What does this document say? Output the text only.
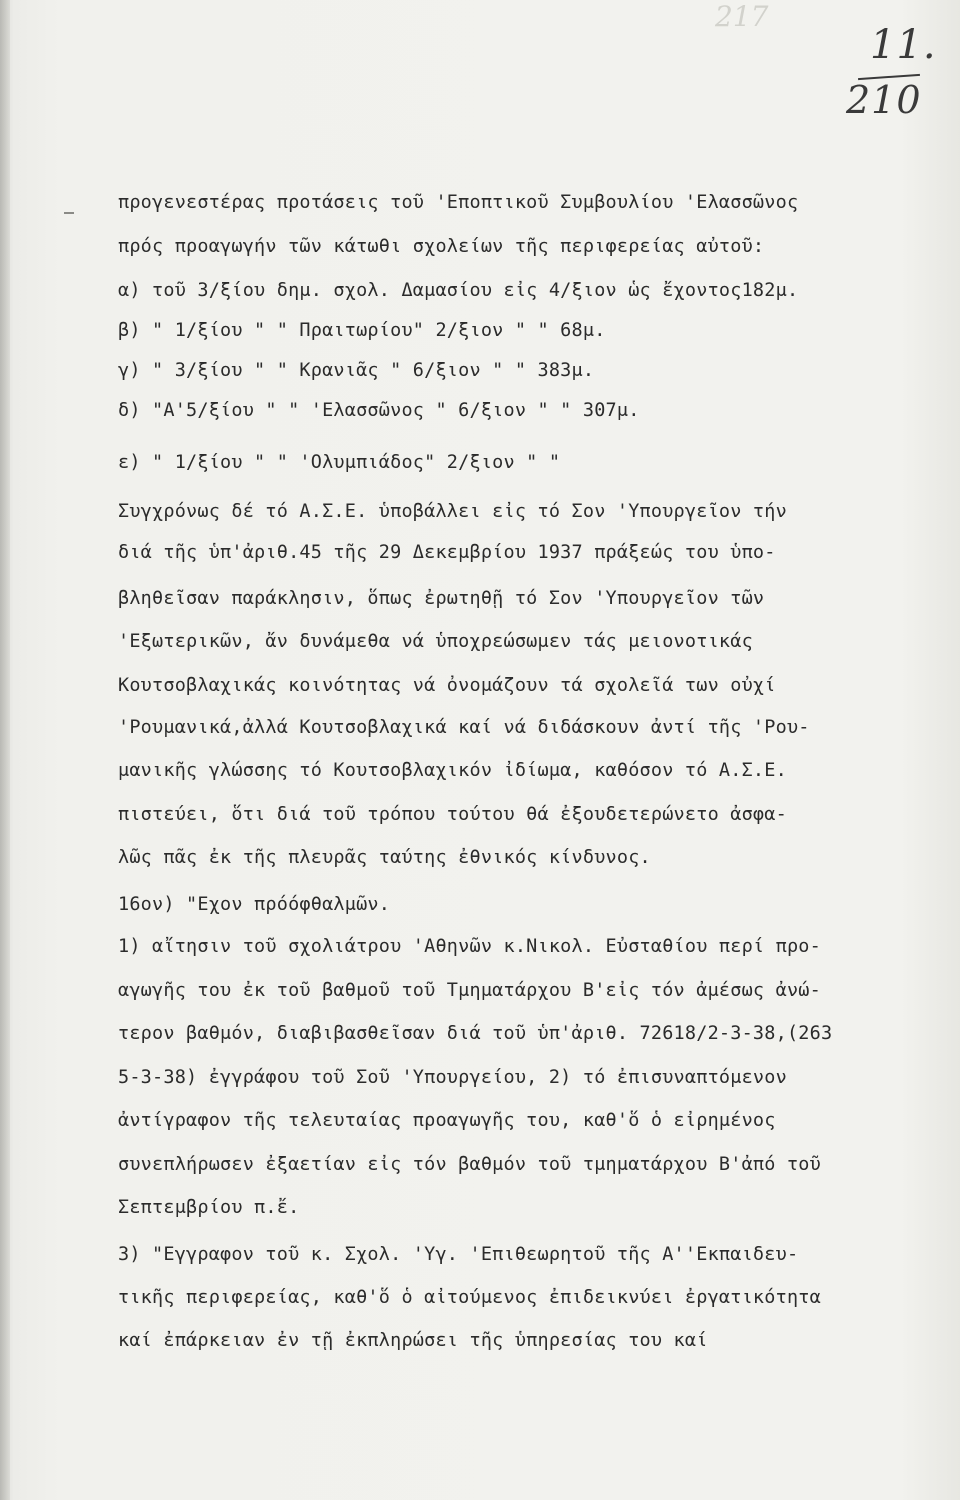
217
11.
210
προγενεστέρας προτάσεις τοῦ 'Εποπτικοῦ Συμβουλίου 'Ελασσῶνος
πρός προαγωγήν τῶν κάτωθι σχολείων τῆς περιφερείας αὐτοῦ:
α) τοῦ 3/ξίου δημ. σχολ. Δαμασίου εἰς 4/ξιον ὡς ἔχοντος182μ.
β) " 1/ξίου " " Πραιτωρίου" 2/ξιον " " 68μ.
γ) " 3/ξίου " " Κρανιᾶς " 6/ξιον " " 383μ.
δ) "Α'5/ξίου " " 'Ελασσῶνος " 6/ξιον " " 307μ.
ε) " 1/ξίου " " 'Ολυμπιάδος" 2/ξιον " "
Συγχρόνως δέ τό Α.Σ.Ε. ὑποβάλλει εἰς τό Σον 'Υπουργεῖον τήν
διά τῆς ὑπ'ἀριθ.45 τῆς 29 Δεκεμβρίου 1937 πράξεώς του ὑπο-
βληθεῖσαν παράκλησιν, ὅπως ἐρωτηθῇ τό Σον 'Υπουργεῖον τῶν
'Εξωτερικῶν, ἄν δυνάμεθα νά ὑποχρεώσωμεν τάς μειονοτικάς
Κουτσοβλαχικάς κοινότητας νά ὀνομάζουν τά σχολεῖά των οὐχί
'Ρουμανικά,ἀλλά Κουτσοβλαχικά καί νά διδάσκουν ἀντί τῆς 'Ρου-
μανικῆς γλώσσης τό Κουτσοβλαχικόν ἰδίωμα, καθόσον τό Α.Σ.Ε.
πιστεύει, ὅτι διά τοῦ τρόπου τούτου θά ἐξουδετερώνετο ἀσφα-
λῶς πᾶς ἐκ τῆς πλευρᾶς ταύτης ἐθνικός κίνδυνος.
16ον) "Εχον πρόόφθαλμῶν.
1) αἴτησιν τοῦ σχολιάτρου 'Αθηνῶν κ.Νικολ. Εὐσταθίου περί προ-
αγωγῆς του ἐκ τοῦ βαθμοῦ τοῦ Τμηματάρχου Β'εἰς τόν ἀμέσως ἀνώ-
τερον βαθμόν, διαβιβασθεῖσαν διά τοῦ ὑπ'ἀριθ. 72618/2-3-38,(263
5-3-38) ἐγγράφου τοῦ Σοῦ 'Υπουργείου, 2) τό ἐπισυναπτόμενον
ἀντίγραφον τῆς τελευταίας προαγωγῆς του, καθ'ὅ ὁ εἰρημένος
συνεπλήρωσεν ἐξαετίαν εἰς τόν βαθμόν τοῦ τμηματάρχου Β'ἀπό τοῦ
Σεπτεμβρίου π.ἔ.
3) "Εγγραφον τοῦ κ. Σχολ. 'Υγ. 'Επιθεωρητοῦ τῆς Α''Εκπαιδευ-
τικῆς περιφερείας, καθ'ὅ ὁ αἰτούμενος ἐπιδεικνύει ἐργατικότητα
καί ἐπάρκειαν ἐν τῇ ἐκπληρώσει τῆς ὑπηρεσίας του καί
